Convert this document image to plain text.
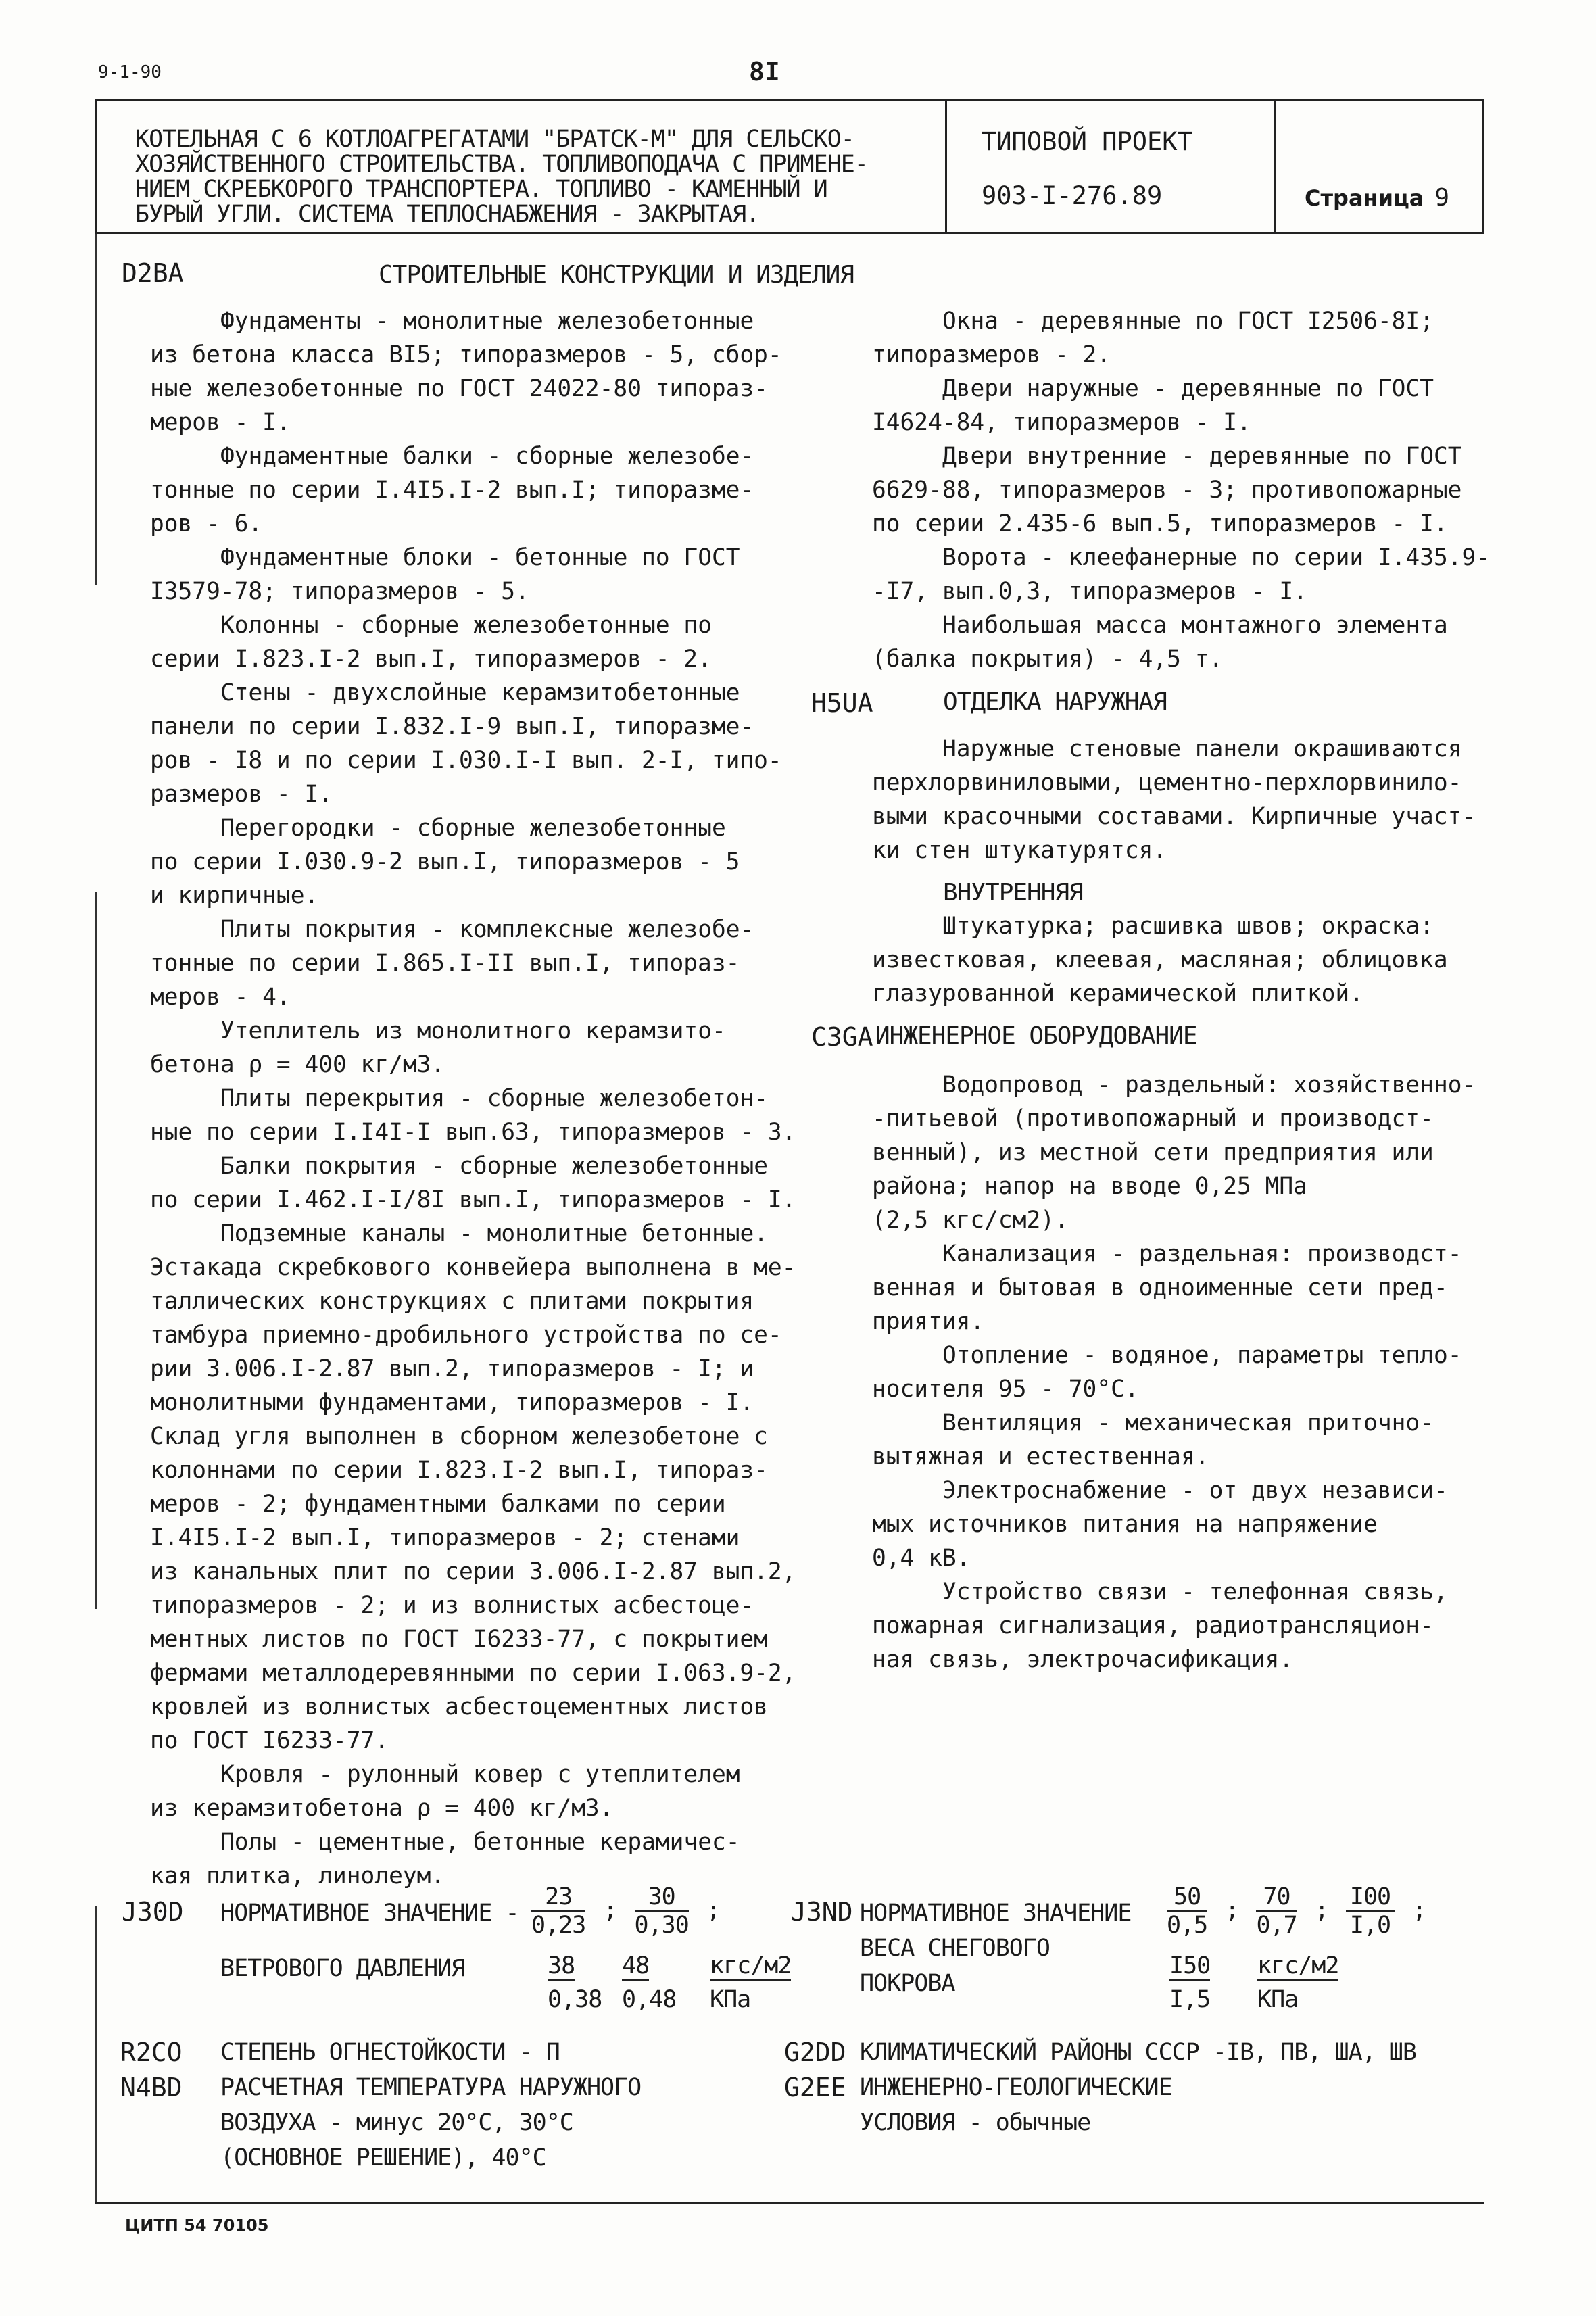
9-1-90	8I
КОТЕЛЬНАЯ С 6 КОТЛОАГРЕГАТАМИ "БРАТСК-М" ДЛЯ СЕЛЬСКО-
ХОЗЯЙСТВЕННОГО СТРОИТЕЛЬСТВА. ТОПЛИВОПОДАЧА С ПРИМЕНЕ-
НИЕМ СКРЕБКОРОГО ТРАНСПОРТЕРА. ТОПЛИВО - КАМЕННЫЙ И
БУРЫЙ УГЛИ. СИСТЕМА ТЕПЛОСНАБЖЕНИЯ - ЗАКРЫТАЯ.
ТИПОВОЙ ПРОЕКТ
903-I-276.89	Страница 9
D2BA	СТРОИТЕЛЬНЫЕ КОНСТРУКЦИИ И ИЗДЕЛИЯ

Фундаменты - монолитные железобетонные

из бетона класса BI5; типоразмеров - 5, сбор-

ные железобетонные по ГОСТ 24022-80 типораз-

меров - I.

Фундаментные балки - сборные железобе-

тонные по серии I.4I5.I-2 вып.I; типоразме-

ров - 6.

Фундаментные блоки - бетонные по ГОСТ

I3579-78; типоразмеров - 5.

Колонны - сборные железобетонные по

серии I.823.I-2 вып.I, типоразмеров - 2.

Стены - двухслойные керамзитобетонные

панели по серии I.832.I-9 вып.I, типоразме-

ров - I8 и по серии I.030.I-I вып. 2-I, типо-

размеров - I.

Перегородки - сборные железобетонные

по серии I.030.9-2 вып.I, типоразмеров - 5

и кирпичные.

Плиты покрытия - комплексные железобе-

тонные по серии I.865.I-II вып.I, типораз-

меров - 4.

Утеплитель из монолитного керамзито-

бетона ρ = 400 кг/м3.

Плиты перекрытия - сборные железобетон-

ные по серии I.I4I-I вып.63, типоразмеров - 3.

Балки покрытия - сборные железобетонные

по серии I.462.I-I/8I вып.I, типоразмеров - I.

Подземные каналы - монолитные бетонные.

Эстакада скребкового конвейера выполнена в ме-

таллических конструкциях с плитами покрытия

тамбура приемно-дробильного устройства по се-

рии 3.006.I-2.87 вып.2, типоразмеров - I; и

монолитными фундаментами, типоразмеров - I.

Склад угля выполнен в сборном железобетоне с

колоннами по серии I.823.I-2 вып.I, типораз-

меров - 2; фундаментными балками по серии

I.4I5.I-2 вып.I, типоразмеров - 2; стенами

из канальных плит по серии 3.006.I-2.87 вып.2,

типоразмеров - 2; и из волнистых асбестоце-

ментных листов по ГОСТ I6233-77, с покрытием

фермами металлодеревянными по серии I.063.9-2,

кровлей из волнистых асбестоцементных листов

по ГОСТ I6233-77.

Кровля - рулонный ковер с утеплителем

из керамзитобетона ρ = 400 кг/м3.

Полы - цементные, бетонные керамичес-

кая плитка, линолеум.

Окна - деревянные по ГОСТ I2506-8I;

типоразмеров - 2.

Двери наружные - деревянные по ГОСТ

I4624-84, типоразмеров - I.

Двери внутренние - деревянные по ГОСТ

6629-88, типоразмеров - 3; противопожарные

по серии 2.435-6 вып.5, типоразмеров - I.

Ворота - клеефанерные по серии I.435.9-

-I7, вып.0,3, типоразмеров - I.

Наибольшая масса монтажного элемента

(балка покрытия) - 4,5 т.

H5UA	ОТДЕЛКА НАРУЖНАЯ

Наружные стеновые панели окрашиваются

перхлорвиниловыми, цементно-перхлорвинило-

выми красочными составами. Кирпичные участ-

ки стен штукатурятся.

ВНУТРЕННЯЯ

Штукатурка; расшивка швов; окраска:

известковая, клеевая, масляная; облицовка

глазурованной керамической плиткой.

C3GA ИНЖЕНЕРНОЕ ОБОРУДОВАНИЕ

Водопровод - раздельный: хозяйственно-

-питьевой (противопожарный и производст-

венный), из местной сети предприятия или

района; напор на вводе 0,25 МПа

(2,5 кгс/см2).

Канализация - раздельная: производст-

венная и бытовая в одноименные сети пред-

приятия.

Отопление - водяное, параметры тепло-

носителя 95 - 70°С.

Вентиляция - механическая приточно-

вытяжная и естественная.

Электроснабжение - от двух независи-

мых источников питания на напряжение

0,4 кВ.

Устройство связи - телефонная связь,

пожарная сигнализация, радиотрансляцион-

ная связь, электрочасификация.

J30D НОРМАТИВНОЕ ЗНАЧЕНИЕ - $\frac{23}{0,23}$ ; $\frac{30}{0,30}$ ;
ВЕТРОВОГО ДАВЛЕНИЯ	38 48	кгс/м2
0,38 0,48 КПа
J3ND НОРМАТИВНОЕ ЗНАЧЕНИЕ
ВЕСА СНЕГОВОГО
ПОКРОВА
$\frac{50}{0,5}$ ; $\frac{70}{0,7}$ ; $\frac{I00}{I,0}$ ;
I50 кгс/м2
I,5 КПа
R2CO СТЕПЕНЬ ОГНЕСТОЙКОСТИ - П
N4BD РАСЧЕТНАЯ ТЕМПЕРАТУРА НАРУЖНОГО
ВОЗДУХА - минус 20°С, 30°С
(ОСНОВНОЕ РЕШЕНИЕ), 40°С
G2DD КЛИМАТИЧЕСКИЙ РАЙОНЫ СССР -IB, ПВ, ША, ШВ
G2EE ИНЖЕНЕРНО-ГЕОЛОГИЧЕСКИЕ
УСЛОВИЯ - обычные
ЦИТП 54 70105
